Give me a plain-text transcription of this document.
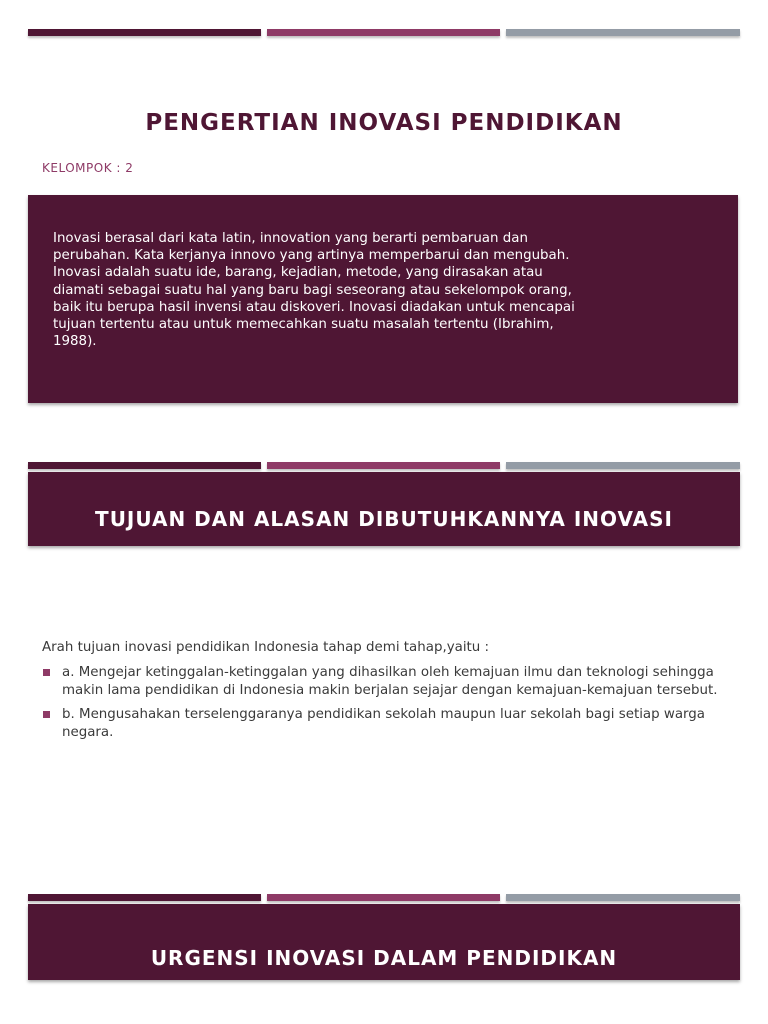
PENGERTIAN INOVASI PENDIDIKAN
KELOMPOK : 2

Inovasi berasal dari kata latin, innovation yang berarti pembaruan dan perubahan. Kata kerjanya innovo yang artinya memperbarui dan mengubah. Inovasi adalah suatu ide, barang, kejadian, metode, yang dirasakan atau diamati sebagai suatu hal yang baru bagi seseorang atau sekelompok orang, baik itu berupa hasil invensi atau diskoveri. Inovasi diadakan untuk mencapai tujuan tertentu atau untuk memecahkan suatu masalah tertentu (Ibrahim, 1988).

TUJUAN DAN ALASAN DIBUTUHKANNYA INOVASI
Arah tujuan inovasi pendidikan Indonesia tahap demi tahap,yaitu :
a. Mengejar ketinggalan-ketinggalan yang dihasilkan oleh kemajuan ilmu dan teknologi sehingga makin lama pendidikan di Indonesia makin berjalan sejajar dengan kemajuan-kemajuan tersebut.
b. Mengusahakan terselenggaranya pendidikan sekolah maupun luar sekolah bagi setiap warga negara.
URGENSI INOVASI DALAM PENDIDIKAN
